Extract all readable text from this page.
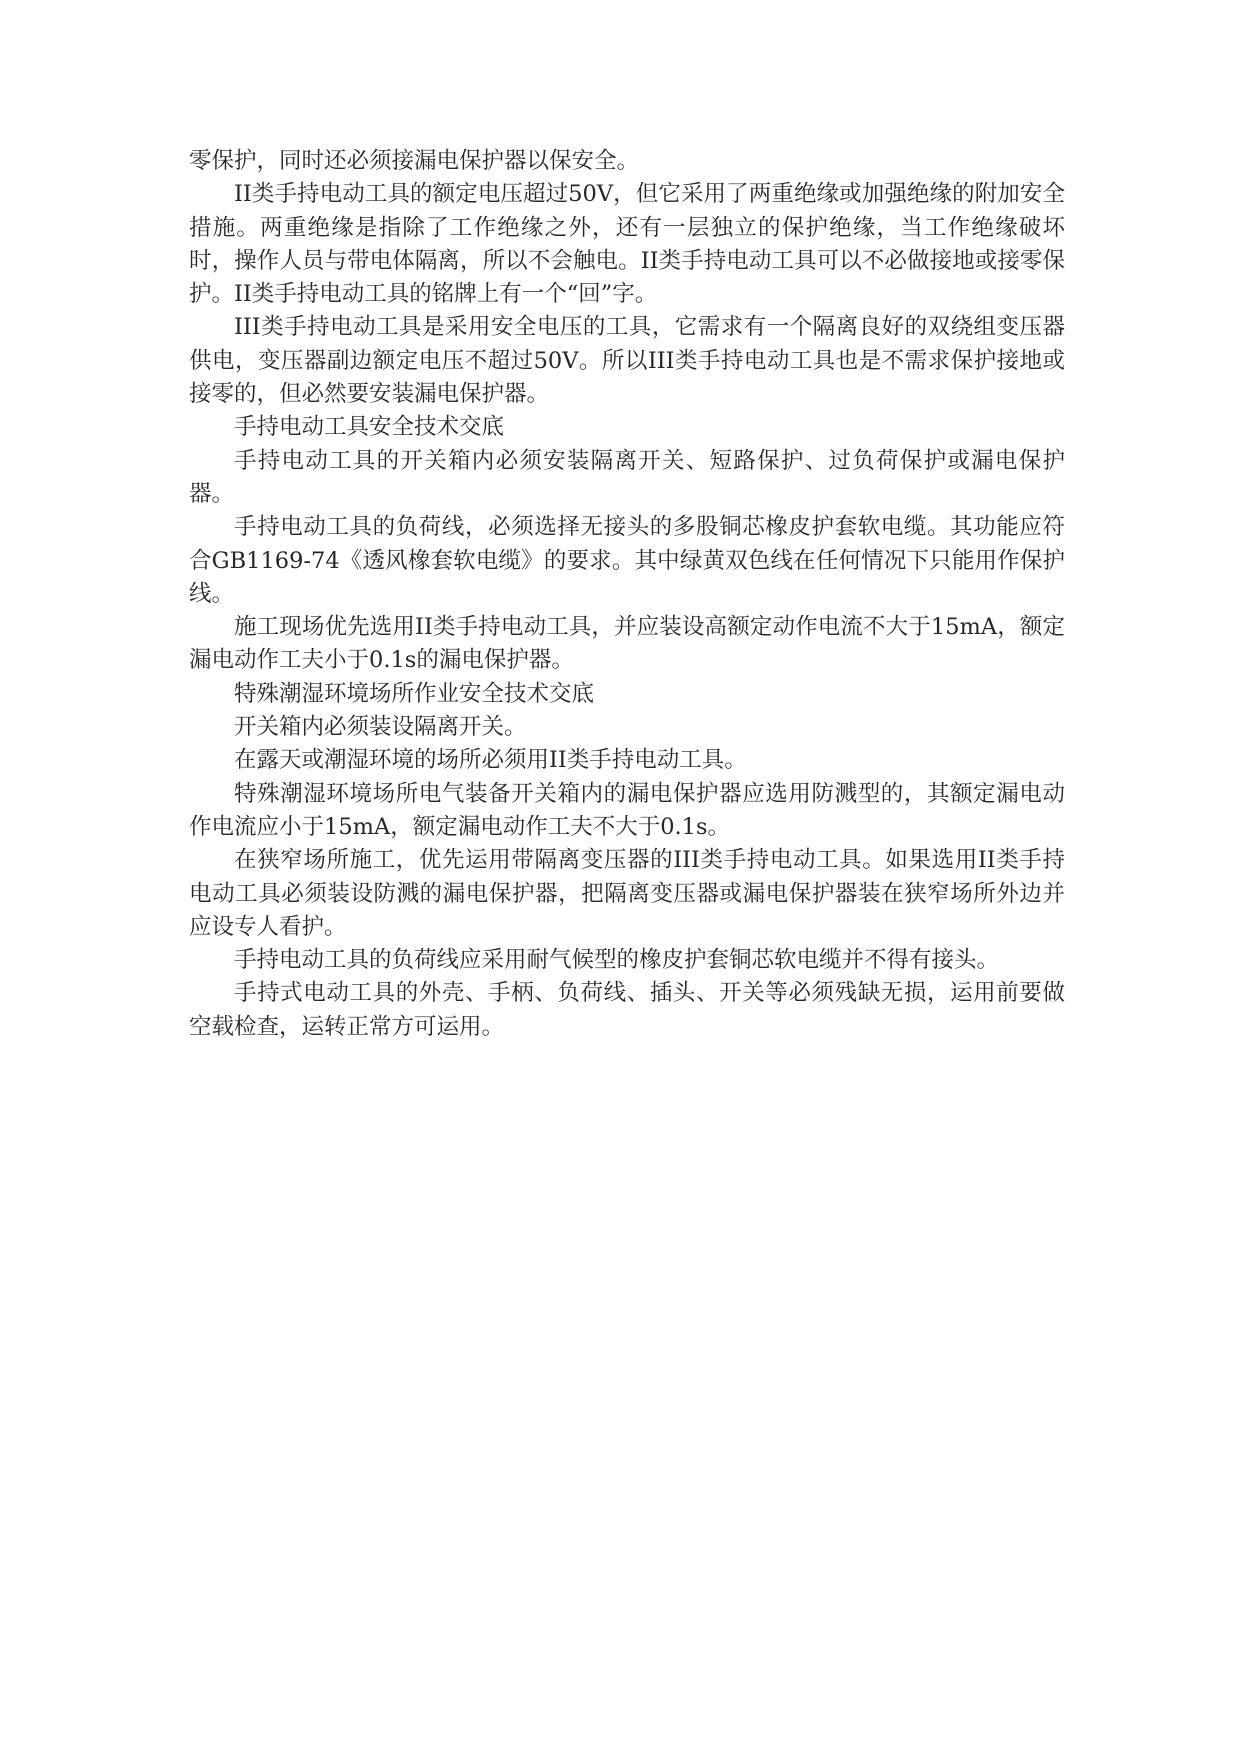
零保护，同时还必须接漏电保护器以保安全。

II类手持电动工具的额定电压超过50V，但它采用了两重绝缘或加强绝缘的附加安全措施。两重绝缘是指除了工作绝缘之外，还有一层独立的保护绝缘，当工作绝缘破坏时，操作人员与带电体隔离，所以不会触电。II类手持电动工具可以不必做接地或接零保护。II类手持电动工具的铭牌上有一个“回”字。

III类手持电动工具是采用安全电压的工具，它需求有一个隔离良好的双绕组变压器供电，变压器副边额定电压不超过50V。所以III类手持电动工具也是不需求保护接地或接零的，但必然要安装漏电保护器。

手持电动工具安全技术交底

手持电动工具的开关箱内必须安装隔离开关、短路保护、过负荷保护或漏电保护器。

手持电动工具的负荷线，必须选择无接头的多股铜芯橡皮护套软电缆。其功能应符合GB1169-74《透风橡套软电缆》的要求。其中绿黄双色线在任何情况下只能用作保护线。

施工现场优先选用II类手持电动工具，并应装设高额定动作电流不大于15mA，额定漏电动作工夫小于0.1s的漏电保护器。

特殊潮湿环境场所作业安全技术交底

开关箱内必须装设隔离开关。

在露天或潮湿环境的场所必须用II类手持电动工具。

特殊潮湿环境场所电气装备开关箱内的漏电保护器应选用防溅型的，其额定漏电动作电流应小于15mA，额定漏电动作工夫不大于0.1s。

在狭窄场所施工，优先运用带隔离变压器的III类手持电动工具。如果选用II类手持电动工具必须装设防溅的漏电保护器，把隔离变压器或漏电保护器装在狭窄场所外边并应设专人看护。

手持电动工具的负荷线应采用耐气候型的橡皮护套铜芯软电缆并不得有接头。

手持式电动工具的外壳、手柄、负荷线、插头、开关等必须残缺无损，运用前要做空载检查，运转正常方可运用。
